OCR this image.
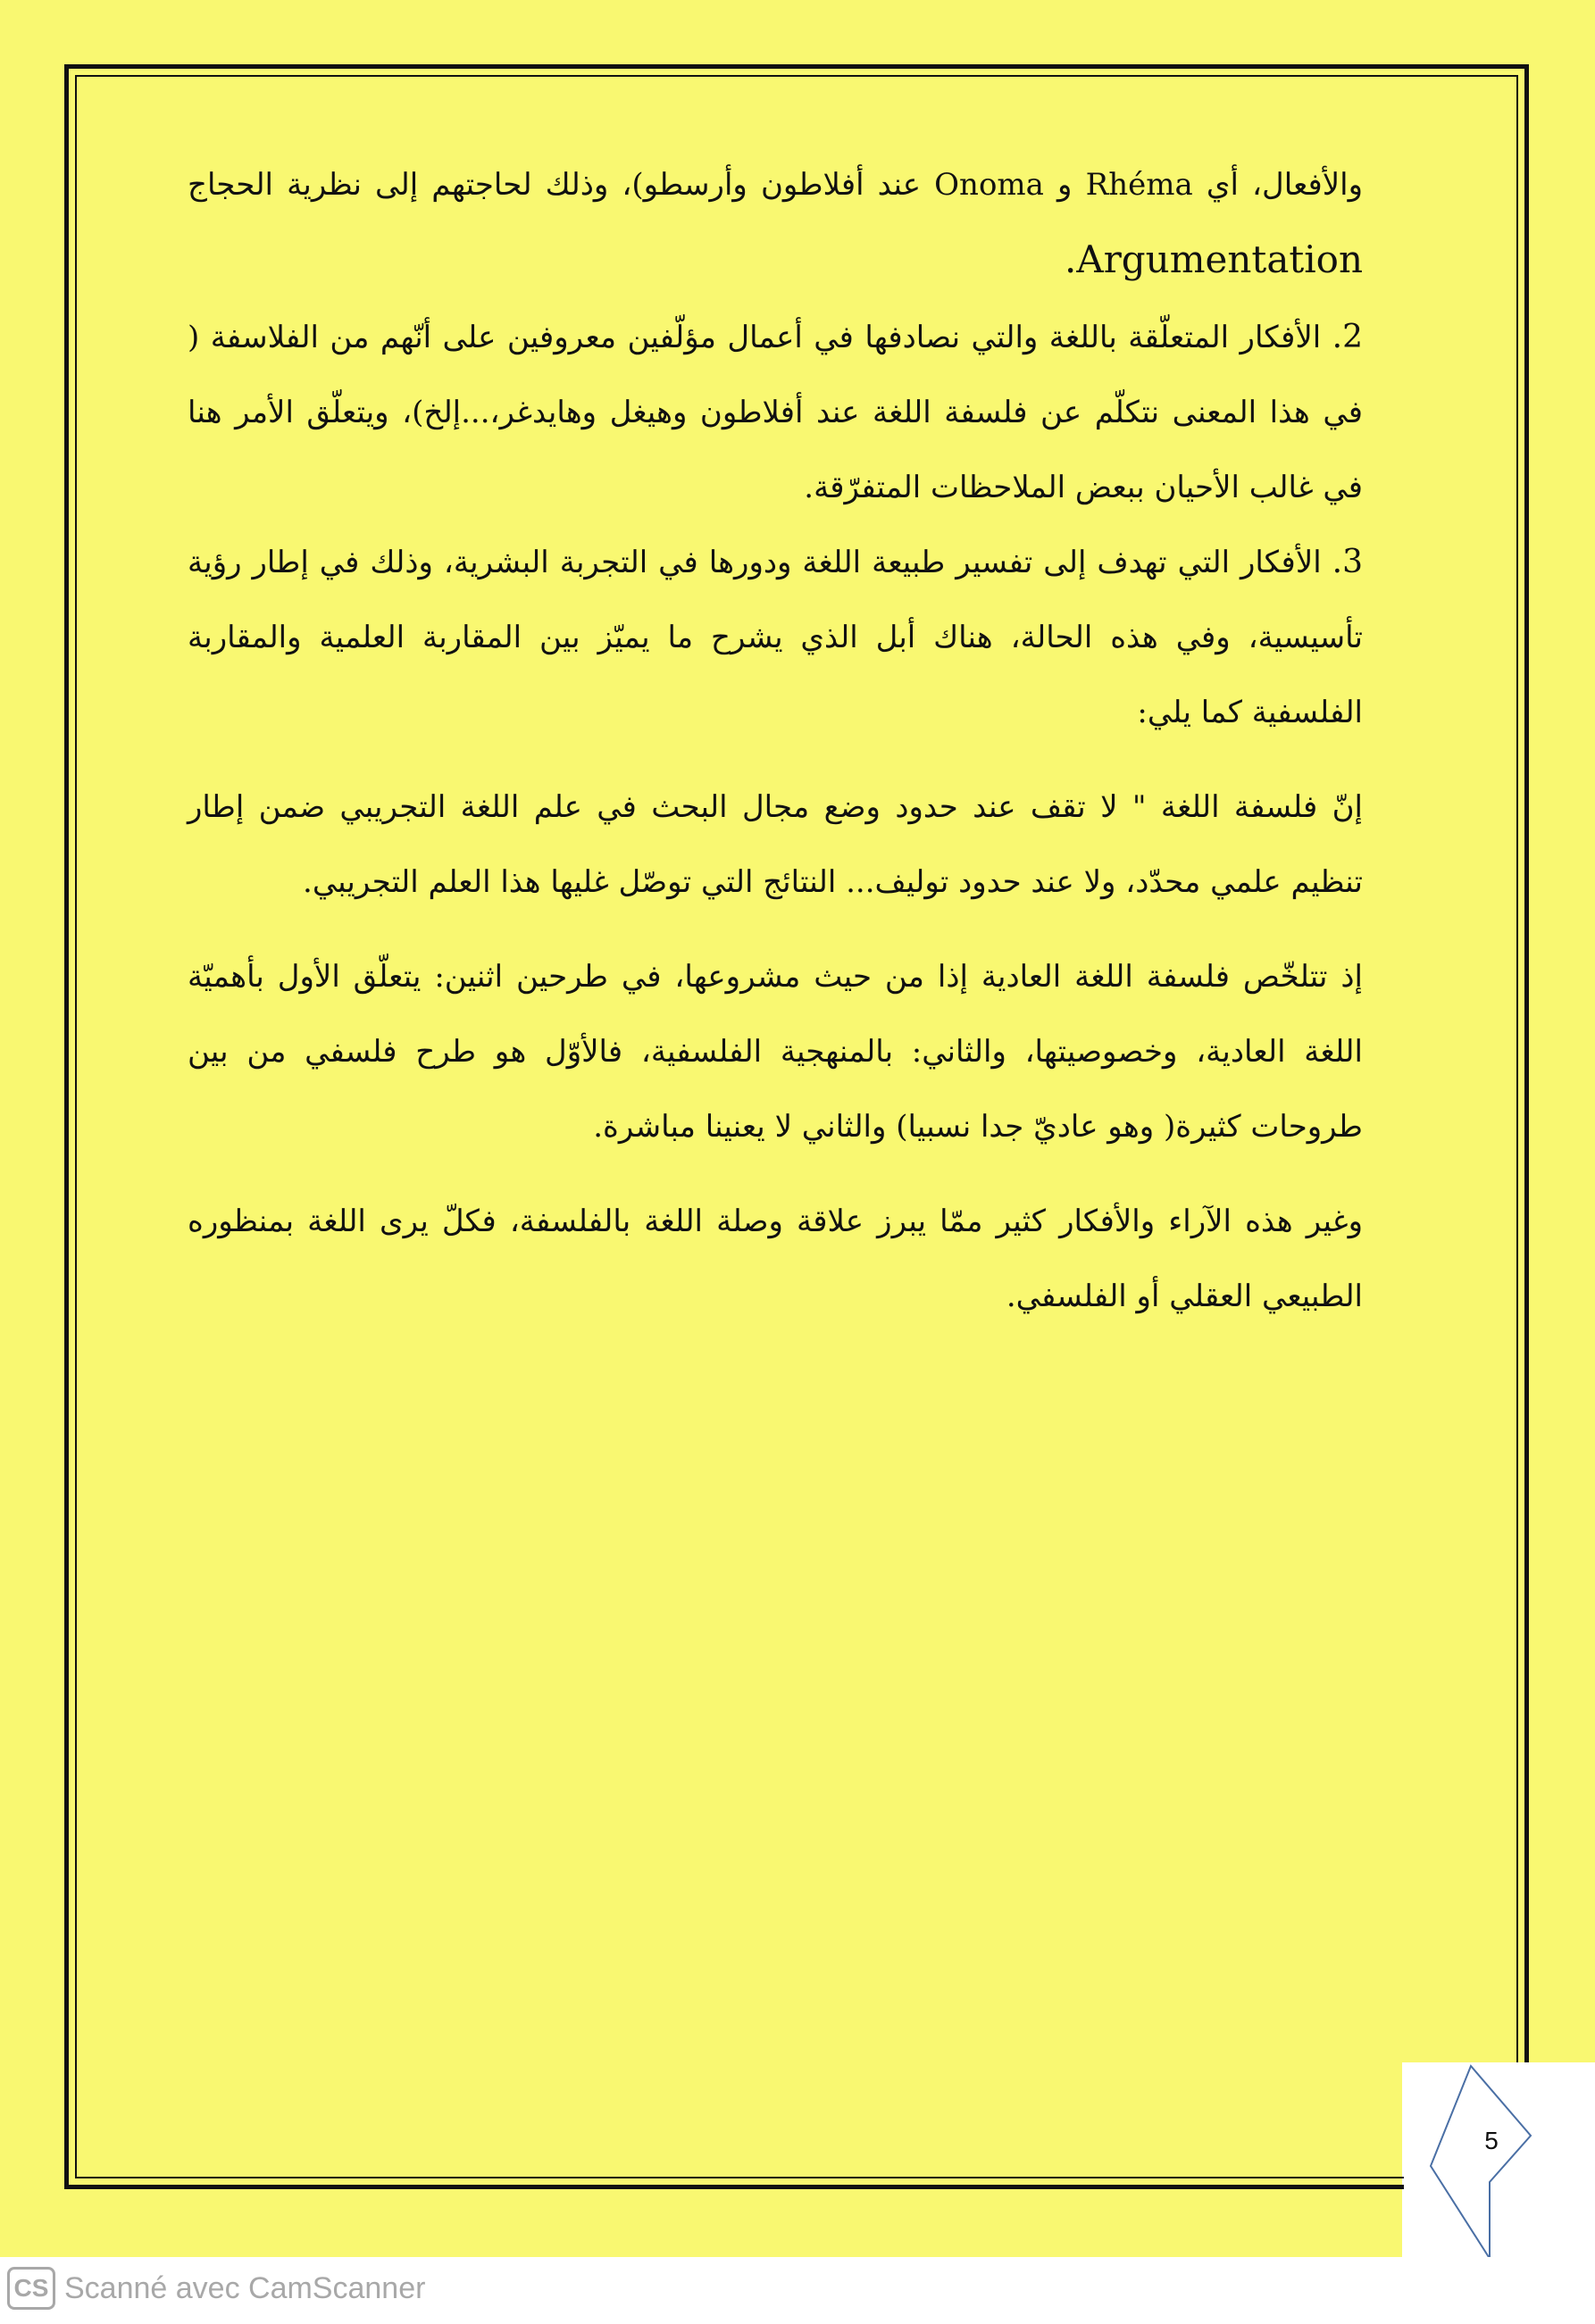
والأفعال، أي Rhéma و Onoma عند أفلاطون وأرسطو)، وذلك لحاجتهم إلى نظرية الحجاج

Argumentation.

2. الأفكار المتعلّقة باللغة والتي نصادفها في أعمال مؤلّفين معروفين على أنّهم من الفلاسفة ( في هذا المعنى نتكلّم عن فلسفة اللغة عند أفلاطون وهيغل وهايدغر،...إلخ)، ويتعلّق الأمر هنا في غالب الأحيان ببعض الملاحظات المتفرّقة.

3. الأفكار التي تهدف إلى تفسير طبيعة اللغة ودورها في التجربة البشرية، وذلك في إطار رؤية تأسيسية، وفي هذه الحالة، هناك أبل الذي يشرح ما يميّز بين المقاربة العلمية والمقاربة الفلسفية كما يلي:

إنّ فلسفة اللغة " لا تقف عند حدود وضع مجال البحث في علم اللغة التجريبي ضمن إطار تنظيم علمي محدّد، ولا عند حدود توليف... النتائج التي توصّل غليها هذا العلم التجريبي.

إذ تتلخّص فلسفة اللغة العادية إذا من حيث مشروعها، في طرحين اثنين: يتعلّق الأول بأهميّة اللغة العادية، وخصوصيتها، والثاني: بالمنهجية الفلسفية، فالأوّل هو طرح فلسفي من بين طروحات كثيرة( وهو عاديّ جدا نسبيا) والثاني لا يعنينا مباشرة.

وغير هذه الآراء والأفكار كثير ممّا يبرز علاقة وصلة اللغة بالفلسفة، فكلّ يرى اللغة بمنظوره الطبيعي العقلي أو الفلسفي.

5
CS Scanné avec CamScanner
